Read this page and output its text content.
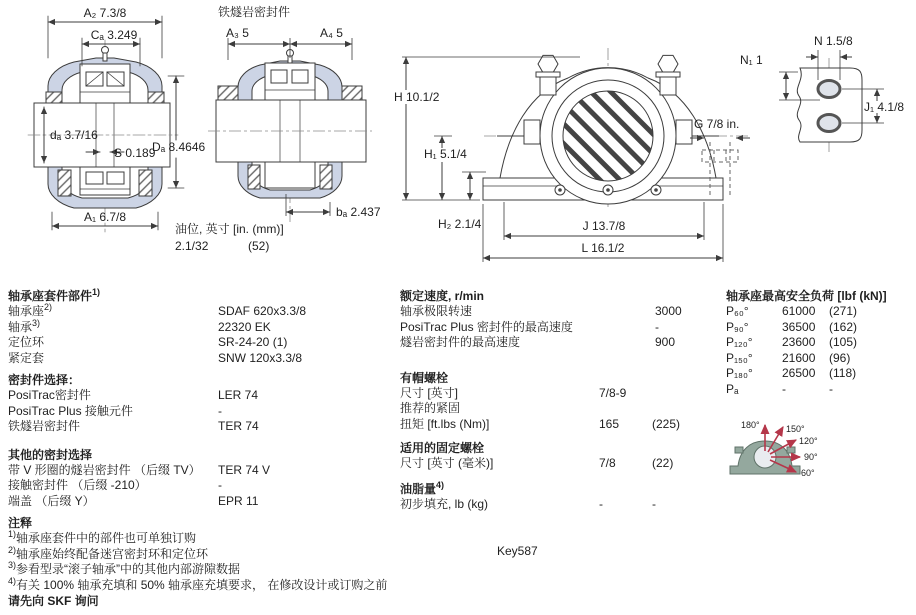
A₂ 7.3/8
Cₐ 3.249
dₐ 3.7/16
S 0.189
A₁ 6.7/8
Dₐ 8.4646
铁燧岩密封件
A₃ 5	A₄ 5
bₐ 2.437
油位, 英寸 [in. (mm)]
2.1/32	(52)
H 10.1/2
H₁ 5.1/4
H₂ 2.1/4
G 7/8 in.
J 13.7/8
L 16.1/2
N 1.5/8
N₁ 1
J₁ 4.1/8
轴承座套件部件$^{1)}$
轴承座$^{2)}$	SDAF 620x3.3/8
轴承$^{3)}$	22320 EK
定位环	SR-24-20 (1)
紧定套	SNW 120x3.3/8
密封件选择：
PosiTrac密封件	LER 74
PosiTrac Plus 接触元件	-
铁燧岩密封件	TER 74
其他的密封选择
带 V 形圈的燧岩密封件 （后缀 TV）	TER 74 V
接触密封件 （后缀 -210）	-
端盖 （后缀 Y）	EPR 11
注释
$^{1)}$轴承座套件中的部件也可单独订购
$^{2)}$轴承座始终配备迷宫密封环和定位环
$^{3)}$参看型录“滚子轴承”中的其他内部游隙数据
$^{4)}$有关 100% 轴承充填和 50% 轴承座充填要求， 在修改设计或订购之前
请先向 SKF 询问
额定速度, r/min
轴承极限转速	3000
PosiTrac Plus 密封件的最高速度	-
燧岩密封件的最高速度	900
有帽螺栓
尺寸 [英寸]	7/8-9
推荐的紧固
扭矩 [ft.lbs (Nm)]	165	(225)
适用的固定螺栓
尺寸 [英寸 (毫米)]	7/8	(22)
油脂量$^{4)}$
初步填充, lb (kg)	-	-
Key587
轴承座最高安全负荷 [lbf (kN)]
P₆₀°	61000	(271)
P₉₀°	36500	(162)
P₁₂₀°	23600	(105)
P₁₅₀°	21600	(96)
P₁₈₀°	26500	(118)
Pₐ	-	-
180°	150°
120°
90°
60°
